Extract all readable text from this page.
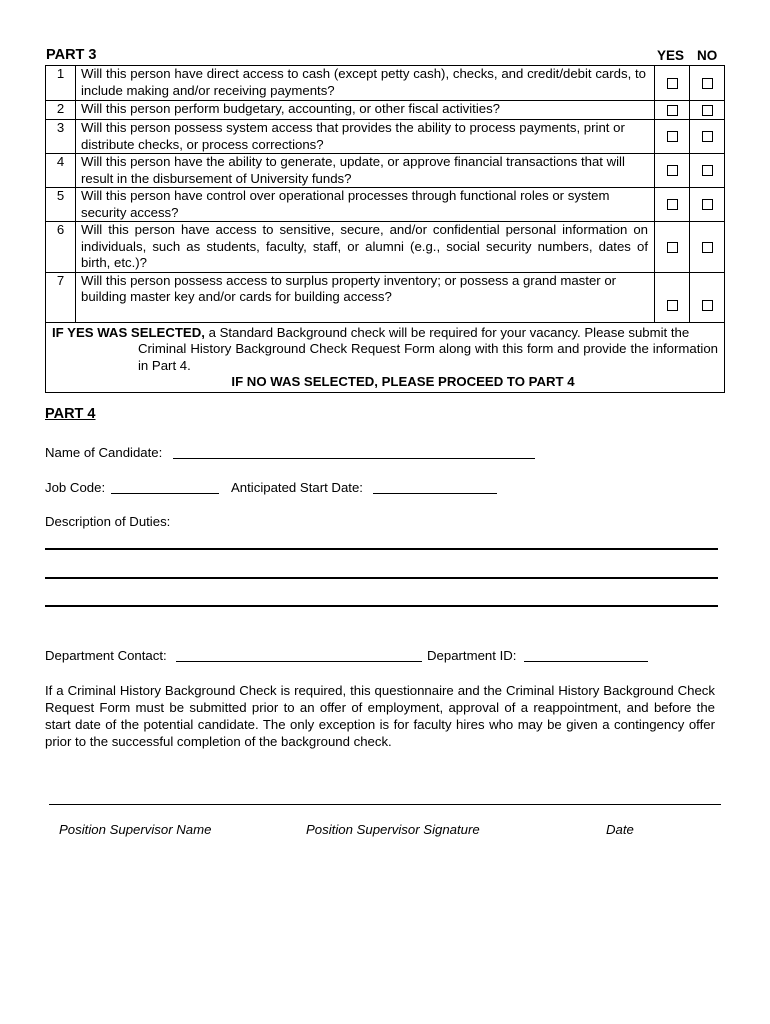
PART 3	YES NO
1	Will this person have direct access to cash (except petty cash), checks, and credit/debit cards, to include making and/or receiving payments?		
2	Will this person perform budgetary, accounting, or other fiscal activities?		
3	Will this person possess system access that provides the ability to process payments, print or distribute checks, or process corrections?		
4	Will this person have the ability to generate, update, or approve financial transactions that will result in the disbursement of University funds?		
5	Will this person have control over operational processes through functional roles or system security access?		
6	Will this person have access to sensitive, secure, and/or confidential personal information on individuals, such as students, faculty, staff, or alumni (e.g., social security numbers, dates of birth, etc.)?		
7	Will this person possess access to surplus property inventory; or possess a grand master or building master key and/or cards for building access?		

IF YES WAS SELECTED, a Standard Background check will be required for your vacancy. Please submit the
Criminal History Background Check Request Form along with this form and provide the information in Part 4.
IF NO WAS SELECTED, PLEASE PROCEED TO PART 4			
PART 4
Name of Candidate:
Job Code:	Anticipated Start Date:
Description of Duties:
Department Contact:	Department ID:
If a Criminal History Background Check is required, this questionnaire and the Criminal History Background Check Request Form must be submitted prior to an offer of employment, approval of a reappointment, and before the start date of the potential candidate. The only exception is for faculty hires who may be given a contingency offer prior to the successful completion of the background check.
Position Supervisor Name	Position Supervisor Signature	Date
